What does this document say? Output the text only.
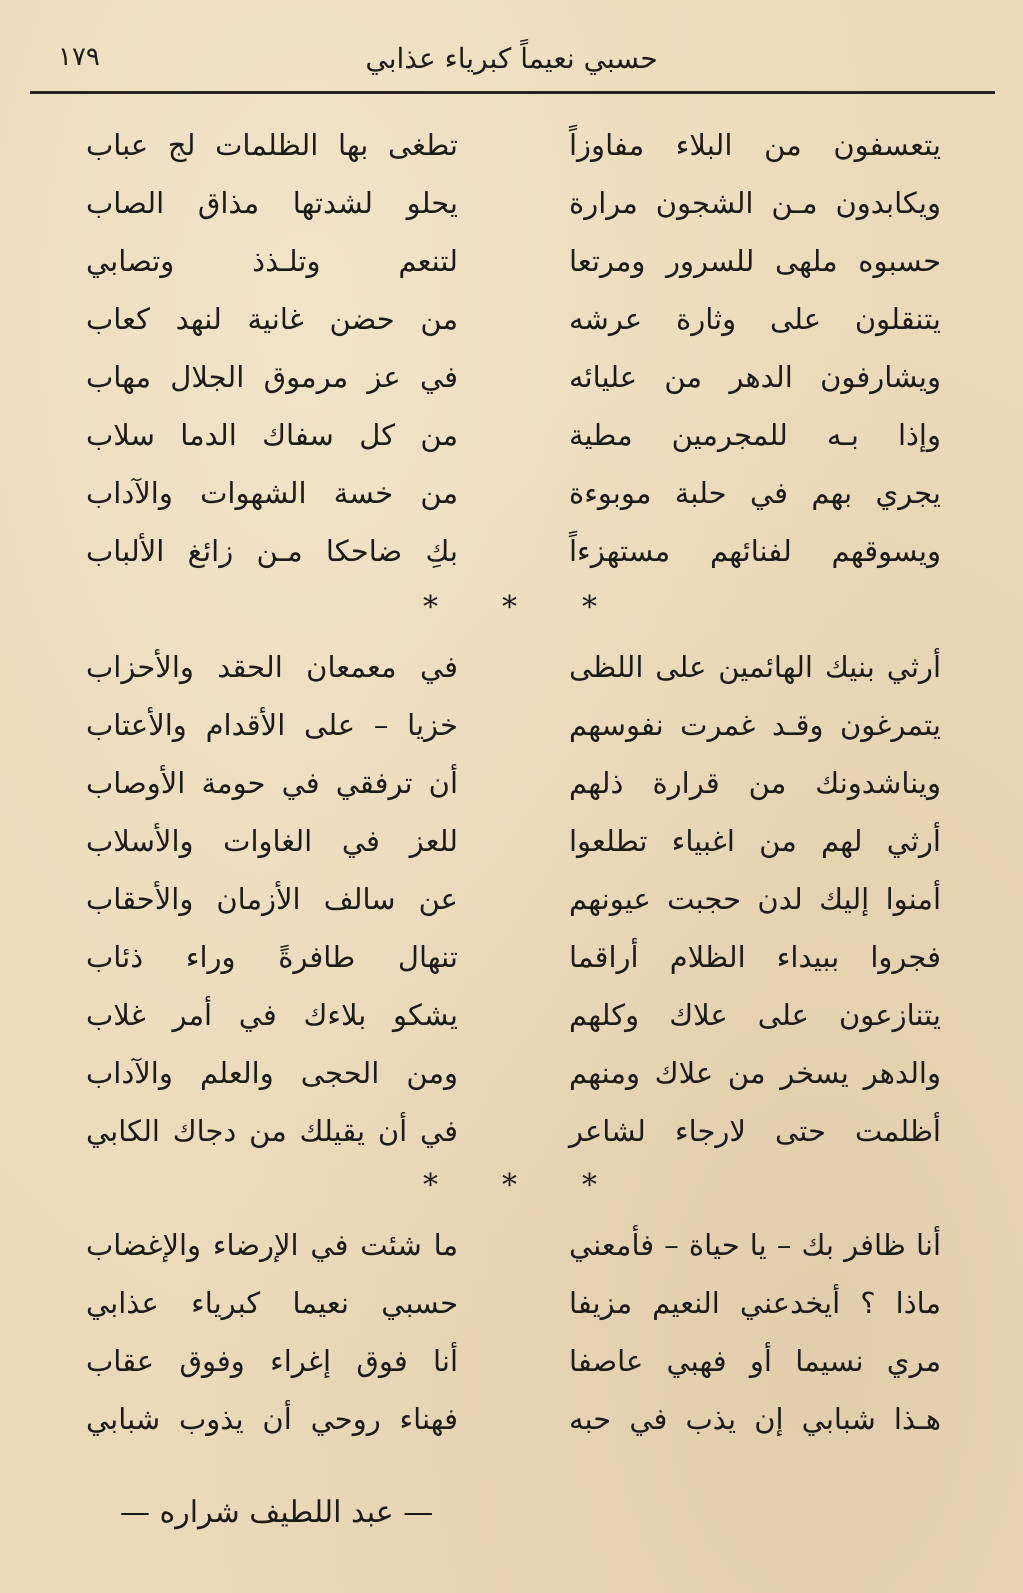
١٧٩	حسبي نعيماً كبرياء عذابي
يتعسفون من البلاء مفاوزاً
تطغى بها الظلمات لج عباب
ويكابدون مـن الشجون مرارة
يحلو لشدتها مذاق الصاب
حسبوه ملهى للسرور ومرتعا
لتنعم وتلـذذ وتصابي
يتنقلون على وثارة عرشه
من حضن غانية لنهد كعاب
ويشارفون الدهر من عليائه
في عز مرموق الجلال مهاب
وإذا بـه للمجرمين مطية
من كل سفاك الدما سلاب
يجري بهم في حلبة موبوءة
من خسة الشهوات والآداب
ويسوقهم لفنائهم مستهزءاً
بكِ ضاحكا مـن زائغ الألباب
* * *
أرثي بنيك الهائمين على اللظى
في معمعان الحقد والأحزاب
يتمرغون وقـد غمرت نفوسهم
خزيا – على الأقدام والأعتاب
ويناشدونك من قرارة ذلهم
أن ترفقي في حومة الأوصاب
أرثي لهم من اغبياء تطلعوا
للعز في الغاوات والأسلاب
أمنوا إليك لدن حجبت عيونهم
عن سالف الأزمان والأحقاب
فجروا ببيداء الظلام أراقما
تنهال طافرةً وراء ذئاب
يتنازعون على علاك وكلهم
يشكو بلاءك في أمر غلاب
والدهر يسخر من علاك ومنهم
ومن الحجى والعلم والآداب
أظلمت حتى لارجاء لشاعر
في أن يقيلك من دجاك الكابي
* * *
أنا ظافر بك – يا حياة – فأمعني
ما شئت في الإرضاء والإغضاب
ماذا ؟ أيخدعني النعيم مزيفا
حسبي نعيما كبرياء عذابي
مري نسيما أو فهبي عاصفا
أنا فوق إغراء وفوق عقاب
هـذا شبابي إن يذب في حبه
فهناء روحي أن يذوب شبابي
— عبد اللطيف شراره —
